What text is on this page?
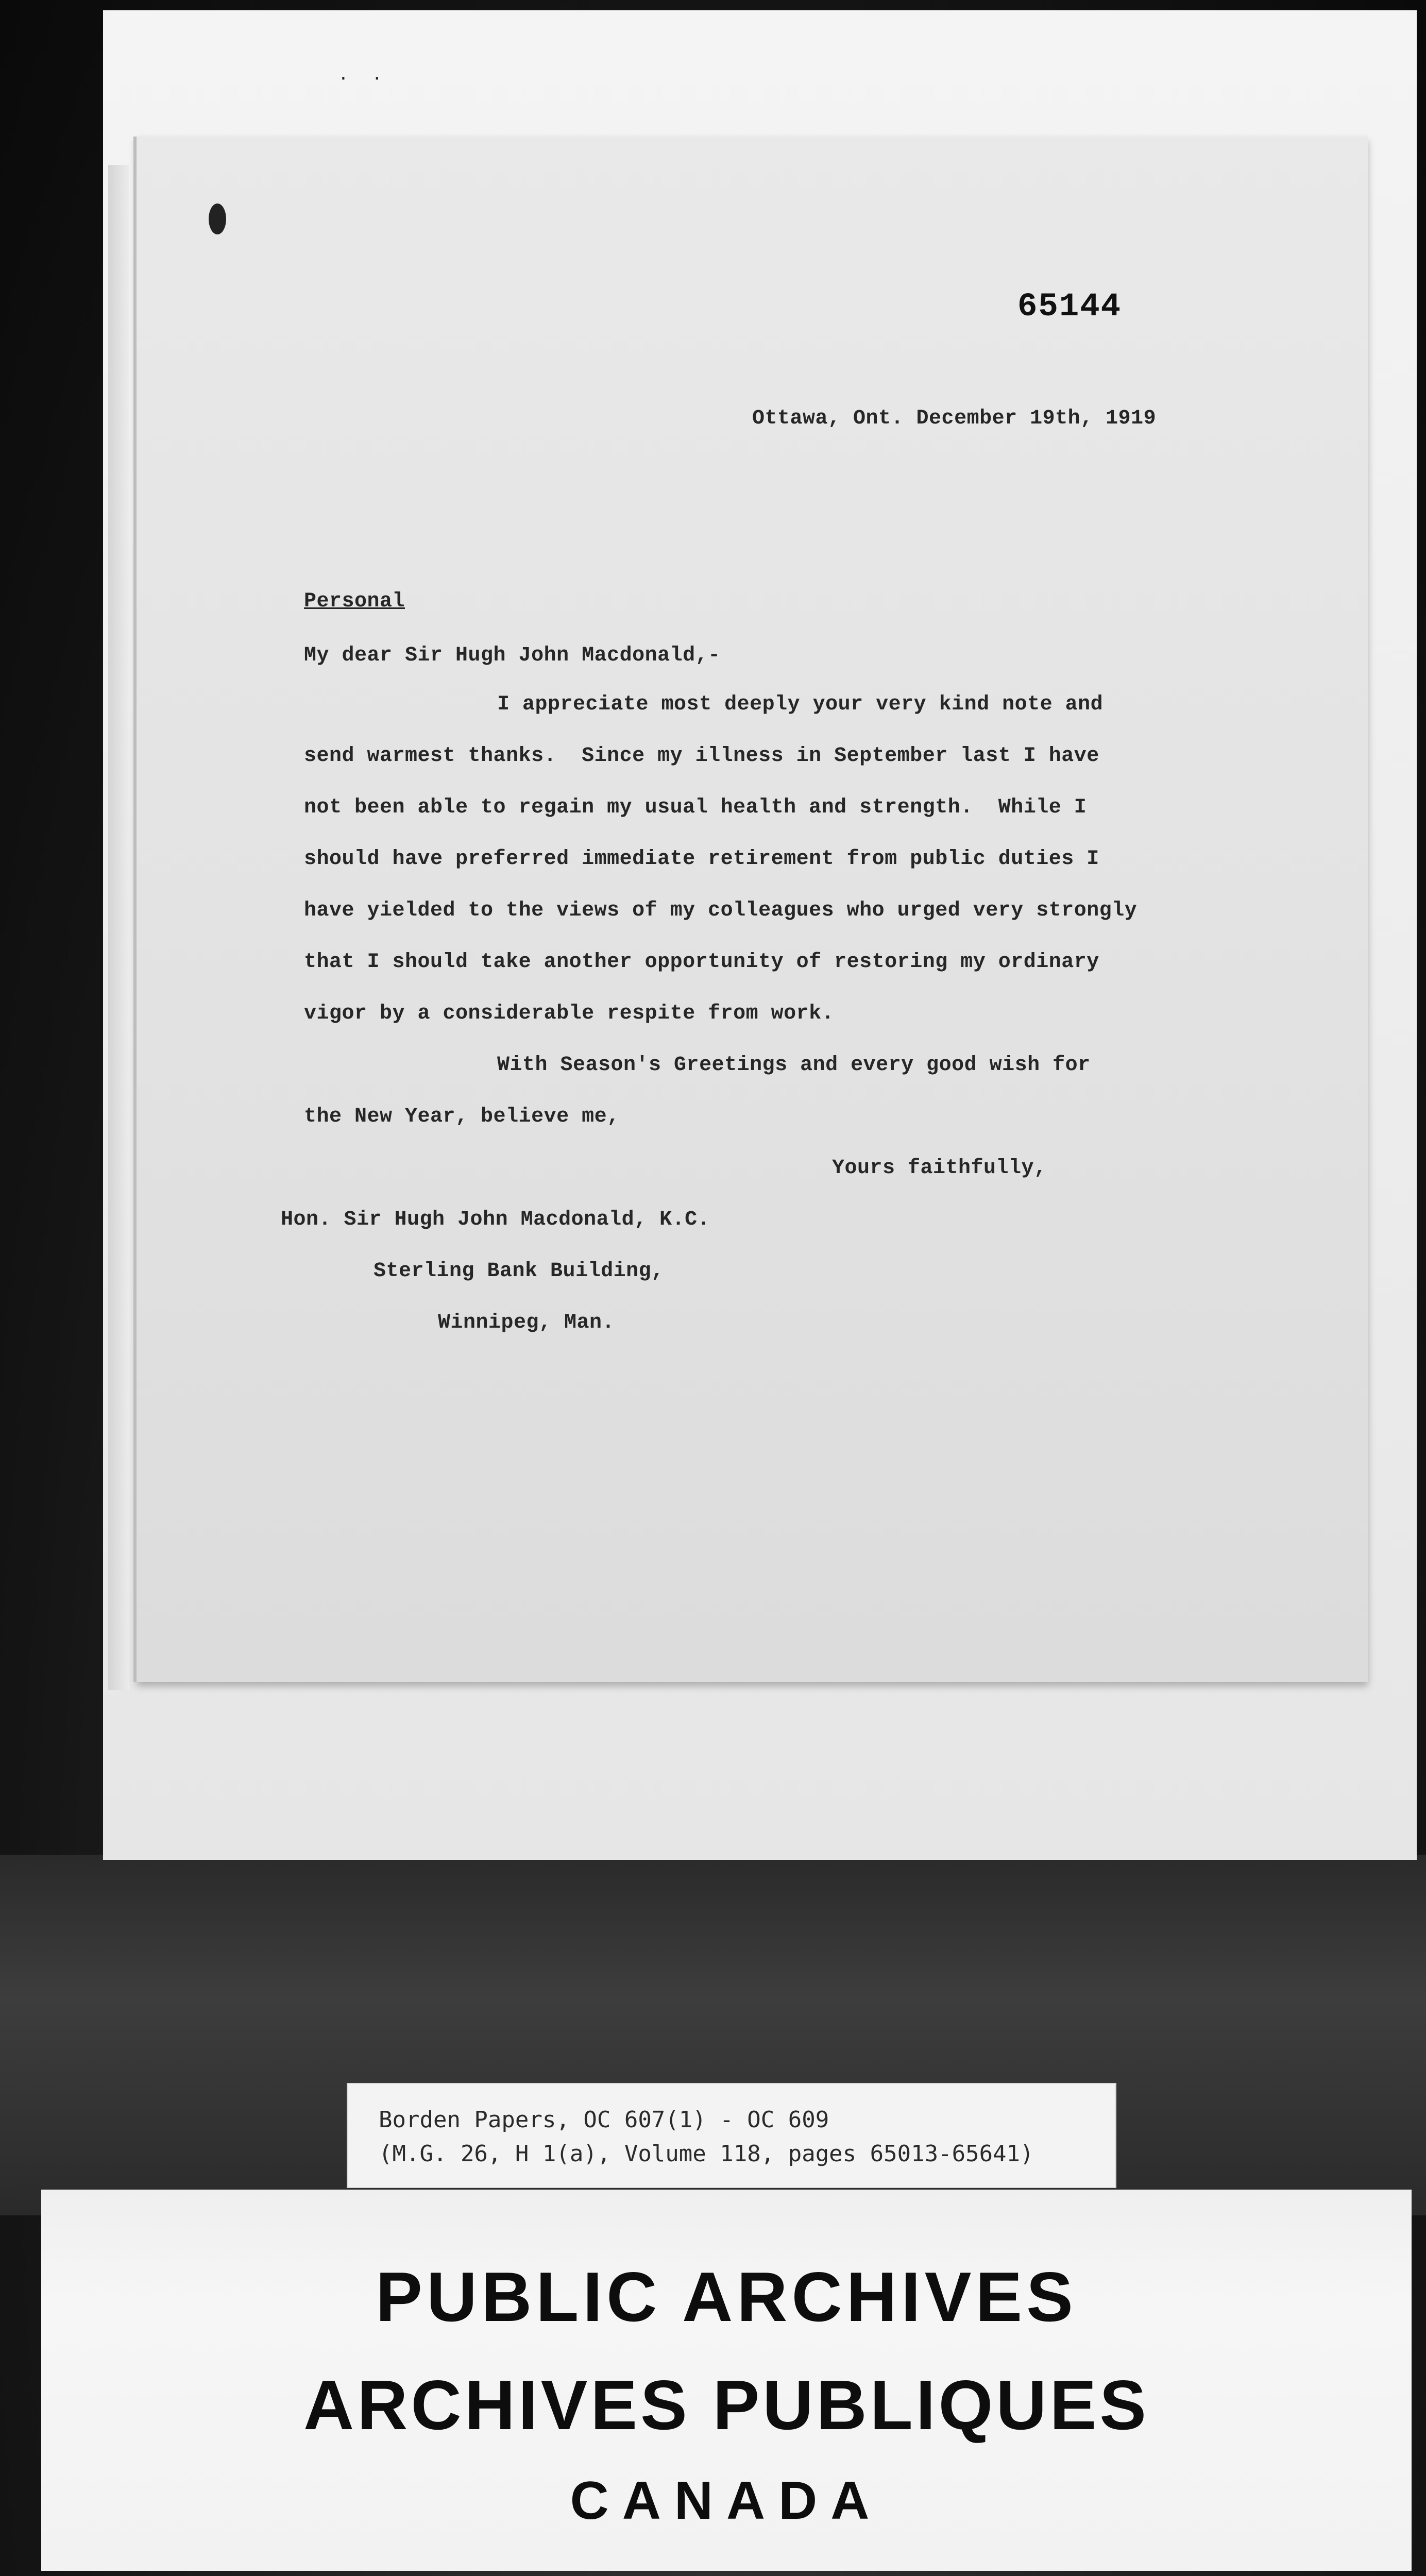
· ·
65144
Ottawa, Ont. December 19th, 1919
Personal
My dear Sir Hugh John Macdonald,-
I appreciate most deeply your very kind note and
send warmest thanks.  Since my illness in September last I have
not been able to regain my usual health and strength.  While I
should have preferred immediate retirement from public duties I
have yielded to the views of my colleagues who urged very strongly
that I should take another opportunity of restoring my ordinary
vigor by a considerable respite from work.
With Season's Greetings and every good wish for
the New Year, believe me,
Yours faithfully,
Hon. Sir Hugh John Macdonald, K.C.
Sterling Bank Building,
Winnipeg, Man.
Borden Papers, OC 607(1) - OC 609
(M.G. 26, H 1(a), Volume 118, pages 65013-65641)
PUBLIC ARCHIVES
ARCHIVES PUBLIQUES
CANADA
